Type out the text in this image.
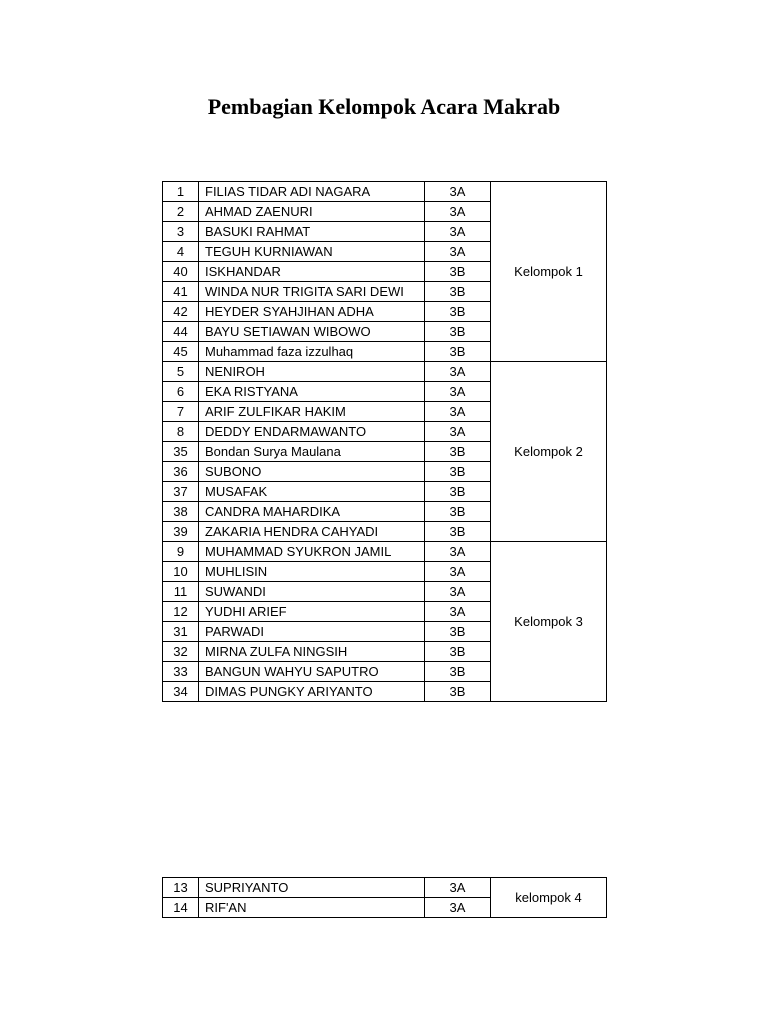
Pembagian Kelompok Acara Makrab
1	FILIAS TIDAR ADI NAGARA	3A	Kelompok 1
2	AHMAD ZAENURI	3A	
3	BASUKI RAHMAT	3A	
4	TEGUH KURNIAWAN	3A	
40	ISKHANDAR	3B	
41	WINDA NUR TRIGITA SARI DEWI	3B	
42	HEYDER SYAHJIHAN ADHA	3B	
44	BAYU SETIAWAN WIBOWO	3B	
45	Muhammad faza izzulhaq	3B	
5	NENIROH	3A	Kelompok 2
6	EKA RISTYANA	3A	
7	ARIF ZULFIKAR HAKIM	3A	
8	DEDDY ENDARMAWANTO	3A	
35	Bondan Surya Maulana	3B	
36	SUBONO	3B	
37	MUSAFAK	3B	
38	CANDRA MAHARDIKA	3B	
39	ZAKARIA HENDRA CAHYADI	3B	
9	MUHAMMAD SYUKRON JAMIL	3A	Kelompok 3
10	MUHLISIN	3A	
11	SUWANDI	3A	
12	YUDHI ARIEF	3A	
31	PARWADI	3B	
32	MIRNA ZULFA NINGSIH	3B	
33	BANGUN WAHYU SAPUTRO	3B	
34	DIMAS PUNGKY ARIYANTO	3B	
13	SUPRIYANTO	3A	kelompok 4
14	RIF'AN	3A	
